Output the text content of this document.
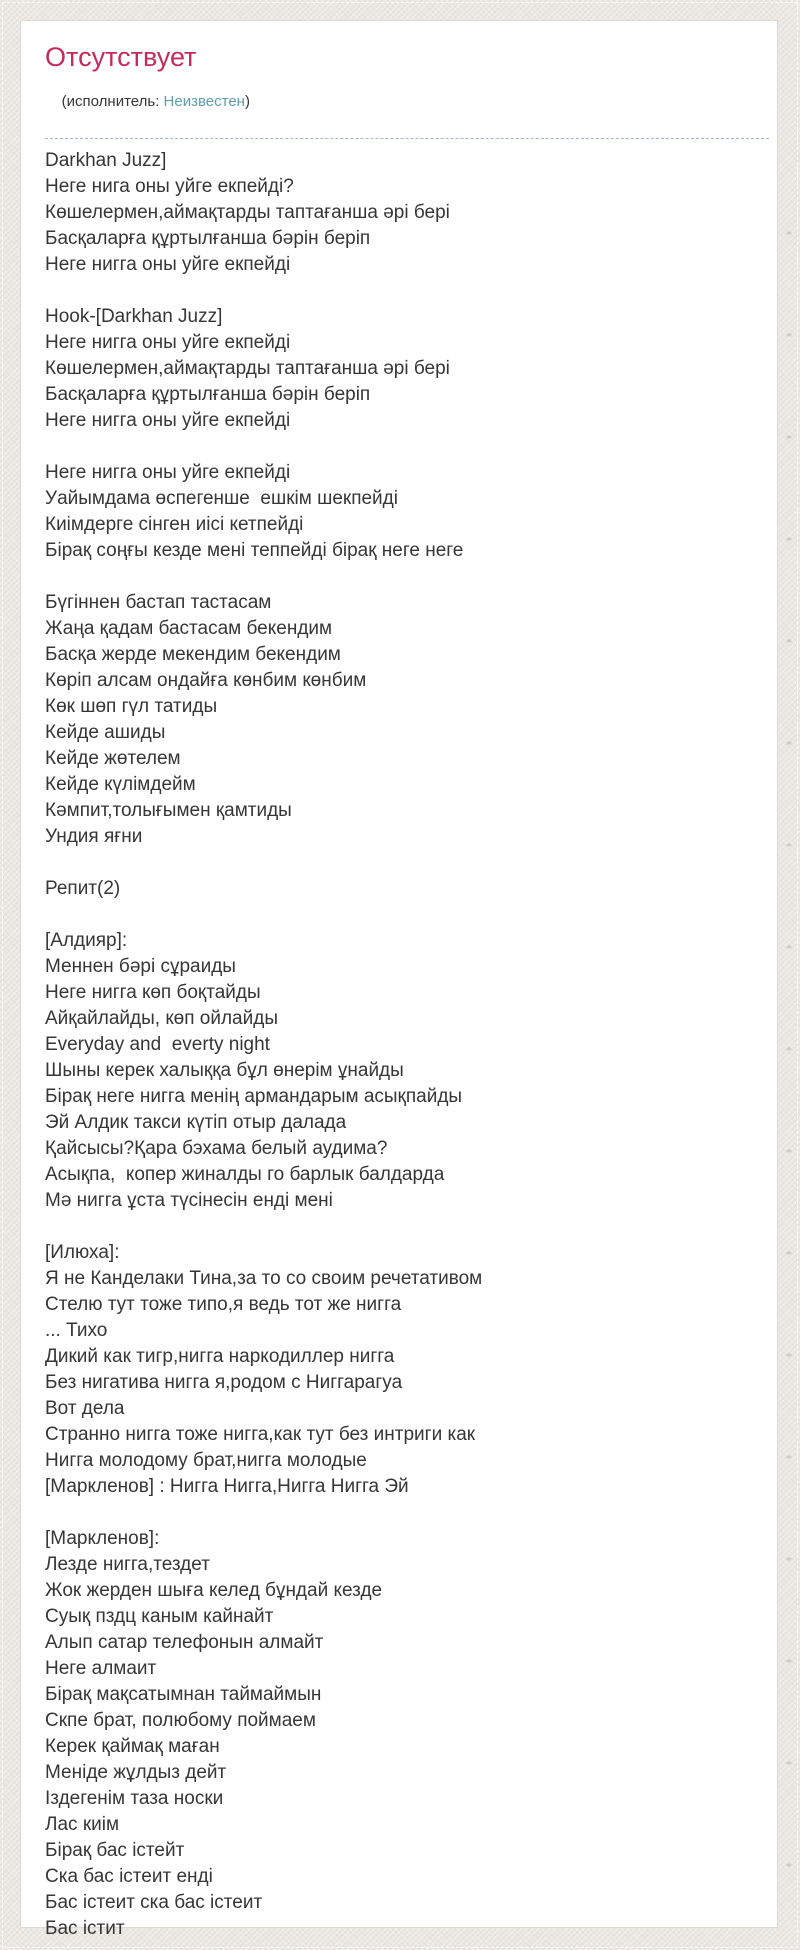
Отсутствует

(исполнитель: Неизвестен)

Darkhan Juzz]
Неге нига оны уйге екпейді?
Көшелермен,аймақтарды таптағанша әрі бері
Басқаларға құртылғанша бәрін беріп
Неге нигга оны уйге екпейді

Hook-[Darkhan Juzz]
Неге нигга оны уйге екпейді
Көшелермен,аймақтарды таптағанша әрі бері
Басқаларға құртылғанша бәрін беріп
Неге нигга оны уйге екпейді

Неге нигга оны уйге екпейді
Уайымдама өспегенше  ешкім шекпейді
Киімдерге сінген иісі кетпейді
Бірақ соңғы кезде мені теппейді бірақ неге неге

Бүгіннен бастап тастасам
Жаңа қадам бастасам бекендим
Басқа жерде мекендим бекендим
Көріп алсам ондайға көнбим көнбим
Көк шөп гүл татиды
Кейде ашиды
Кейде жөтелем
Кейде күлімдейм
Кәмпит,толығымен қамтиды
Ундия яғни

Репит(2)

[Алдияр]:
Меннен бәрі сұраиды
Неге нигга көп боқтайды
Айқайлайды, көп ойлайды
Everyday and  everty night
Шыны керек халыққа бұл өнерім ұнайды
Бірақ неге нигга менің армандарым асықпайды
Эй Алдик такси күтіп отыр далада
Қайсысы?Қара бэхама белый аудима?
Асықпа,  копер жиналды го барлык балдарда
Мә нигга ұста түсінесін енді мені

[Илюха]:
Я не Канделаки Тина,за то со своим речетативом
Стелю тут тоже типо,я ведь тот же нигга
... Тихо
Дикий как тигр,нигга наркодиллер нигга
Без нигатива нигга я,родом с Ниггарагуа
Вот дела
Странно нигга тоже нигга,как тут без интриги как
Нигга молодому брат,нигга молодые
[Маркленов] : Нигга Нигга,Нигга Нигга Эй

[Маркленов]:
Лезде нигга,тездет
Жок жерден шыға келед бұндай кезде
Суық пздц каным кайнайт
Алып сатар телефонын алмайт
Неге алмаит
Бірақ мақсатымнан таймаймын
Скпе брат, полюбому поймаем
Керек қаймақ маған
Меніде жұлдыз дейт
Іздегенім таза носки
Лас киім
Бірақ бас істейт
Ска бас істеит енді
Бас істеит ска бас істеит
Бас істит
